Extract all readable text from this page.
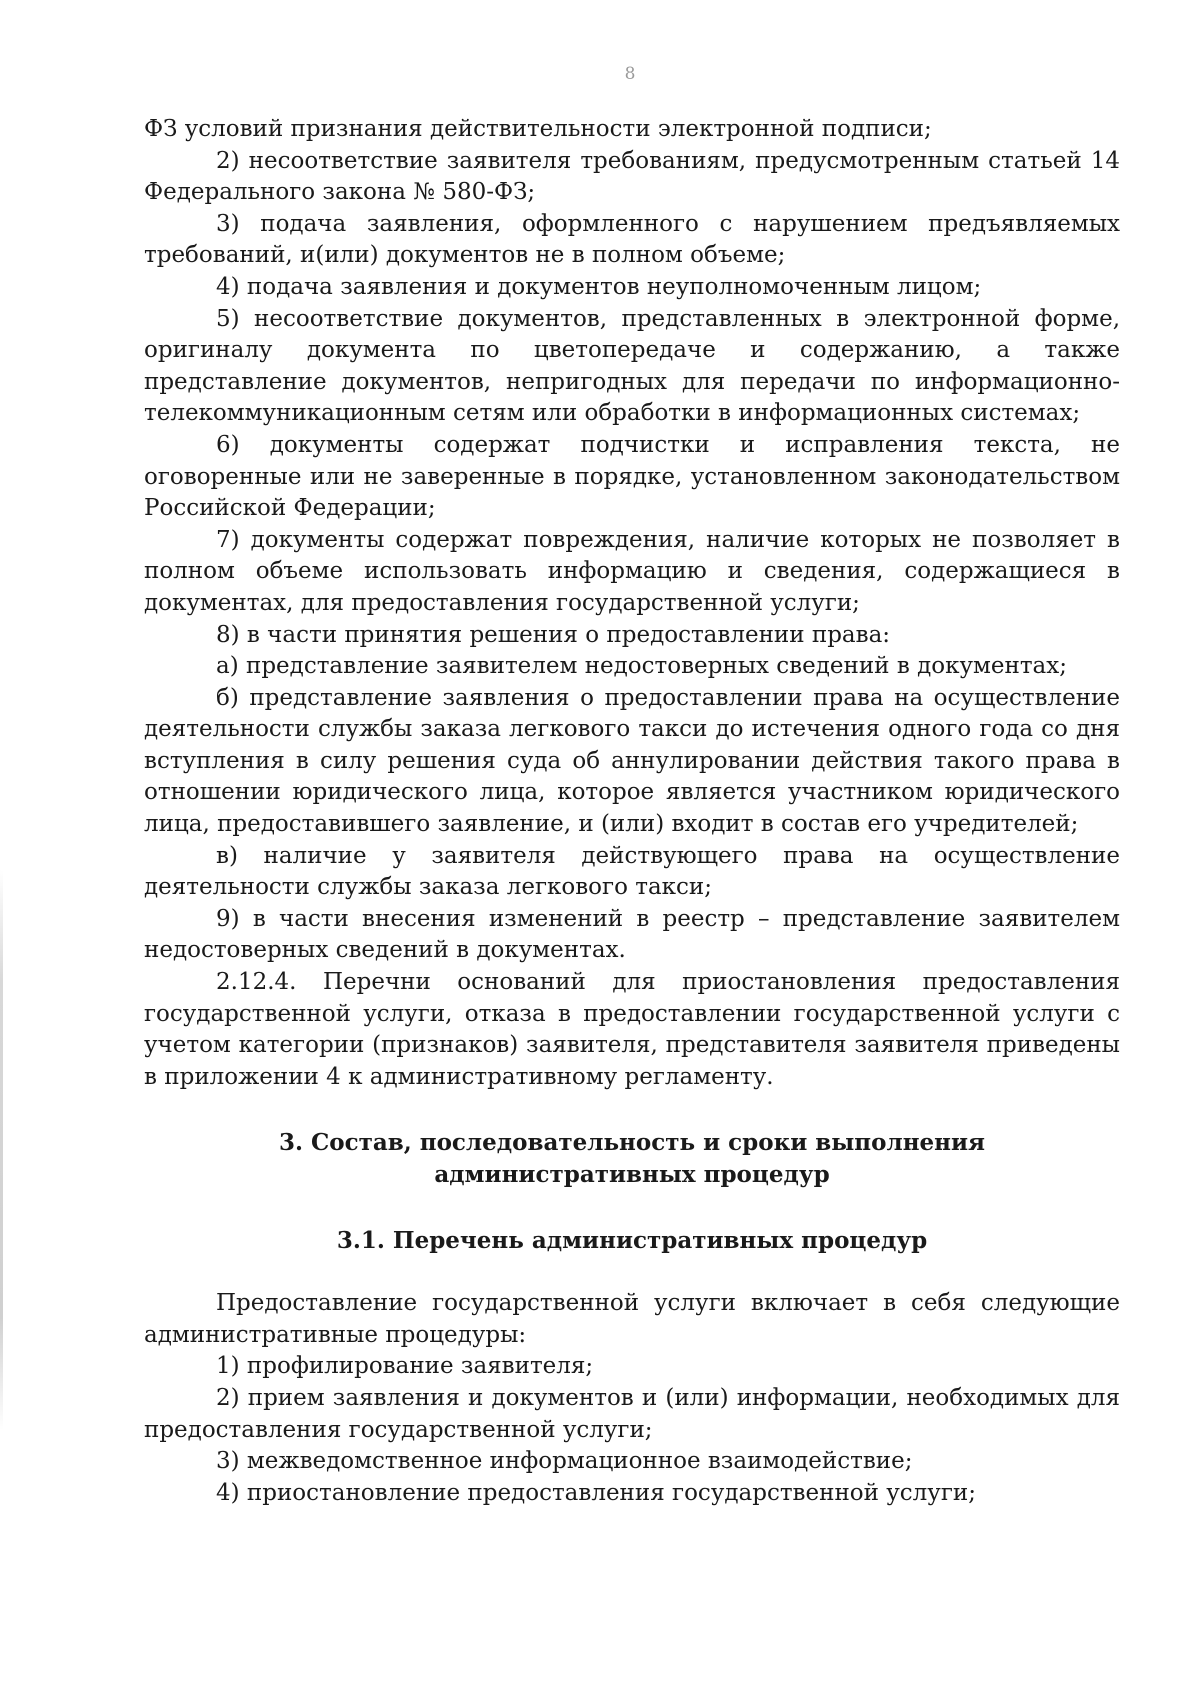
8

ФЗ условий признания действительности электронной подписи;

2) несоответствие заявителя требованиям, предусмотренным статьей 14 Федерального закона № 580-ФЗ;

3) подача заявления, оформленного с нарушением предъявляемых требований, и(или) документов не в полном объеме;

4) подача заявления и документов неуполномоченным лицом;

5) несоответствие документов, представленных в электронной форме, оригиналу документа по цветопередаче и содержанию, а также представление документов, непригодных для передачи по информационно-телекоммуникационным сетям или обработки в информационных системах;

6) документы содержат подчистки и исправления текста, не оговоренные или не заверенные в порядке, установленном законодательством Российской Федерации;

7) документы содержат повреждения, наличие которых не позволяет в полном объеме использовать информацию и сведения, содержащиеся в документах, для предоставления государственной услуги;

8) в части принятия решения о предоставлении права:

а) представление заявителем недостоверных сведений в документах;

б) представление заявления о предоставлении права на осуществление деятельности службы заказа легкового такси до истечения одного года со дня вступления в силу решения суда об аннулировании действия такого права в отношении юридического лица, которое является участником юридического лица, предоставившего заявление, и (или) входит в состав его учредителей;

в) наличие у заявителя действующего права на осуществление деятельности службы заказа легкового такси;

9) в части внесения изменений в реестр – представление заявителем недостоверных сведений в документах.

2.12.4. Перечни оснований для приостановления предоставления государственной услуги, отказа в предоставлении государственной услуги с учетом категории (признаков) заявителя, представителя заявителя приведены в приложении 4 к административному регламенту.

3. Состав, последовательность и сроки выполнения
административных процедур
3.1. Перечень административных процедур

Предоставление государственной услуги включает в себя следующие административные процедуры:

1) профилирование заявителя;

2) прием заявления и документов и (или) информации, необходимых для предоставления государственной услуги;

3) межведомственное информационное взаимодействие;

4) приостановление предоставления государственной услуги;
